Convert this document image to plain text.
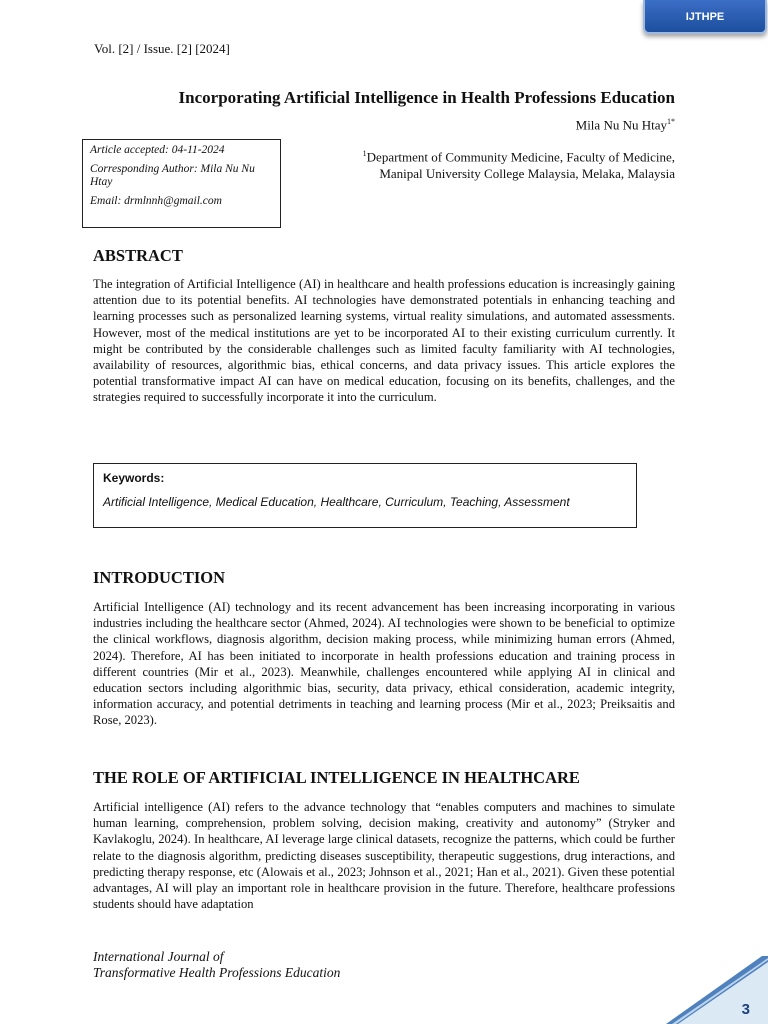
IJTHPE
Vol. [2] / Issue. [2] [2024]
Incorporating Artificial Intelligence in Health Professions Education
Mila Nu Nu Htay$^{1*}$

Article accepted: 04-11-2024

Corresponding Author: Mila Nu Nu Htay

Email: drmlnnh@gmail.com

$^1$Department of Community Medicine, Faculty of Medicine,
Manipal University College Malaysia, Melaka, Malaysia
ABSTRACT

The integration of Artificial Intelligence (AI) in healthcare and health professions education is increasingly gaining attention due to its potential benefits. AI technologies have demonstrated potentials in enhancing teaching and learning processes such as personalized learning systems, virtual reality simulations, and automated assessments. However, most of the medical institutions are yet to be incorporated AI to their existing curriculum currently. It might be contributed by the considerable challenges such as limited faculty familiarity with AI technologies, availability of resources, algorithmic bias, ethical concerns, and data privacy issues. This article explores the potential transformative impact AI can have on medical education, focusing on its benefits, challenges, and the strategies required to successfully incorporate it into the curriculum.

Keywords:
Artificial Intelligence, Medical Education, Healthcare, Curriculum, Teaching, Assessment
INTRODUCTION

Artificial Intelligence (AI) technology and its recent advancement has been increasing incorporating in various industries including the healthcare sector (Ahmed, 2024). AI technologies were shown to be beneficial to optimize the clinical workflows, diagnosis algorithm, decision making process, while minimizing human errors (Ahmed, 2024). Therefore, AI has been initiated to incorporate in health professions education and training process in different countries (Mir et al., 2023). Meanwhile, challenges encountered while applying AI in clinical and education sectors including algorithmic bias, security, data privacy, ethical consideration, academic integrity, information accuracy, and potential detriments in teaching and learning process (Mir et al., 2023; Preiksaitis and Rose, 2023).

THE ROLE OF ARTIFICIAL INTELLIGENCE IN HEALTHCARE

Artificial intelligence (AI) refers to the advance technology that “enables computers and machines to simulate human learning, comprehension, problem solving, decision making, creativity and autonomy” (Stryker and Kavlakoglu, 2024). In healthcare, AI leverage large clinical datasets, recognize the patterns, which could be further relate to the diagnosis algorithm, predicting diseases susceptibility, therapeutic suggestions, drug interactions, and predicting therapy response, etc (Alowais et al., 2023; Johnson et al., 2021; Han et al., 2021). Given these potential advantages, AI will play an important role in healthcare provision in the future. Therefore, healthcare professions students should have adaptation

International Journal of
Transformative Health Professions Education
3
